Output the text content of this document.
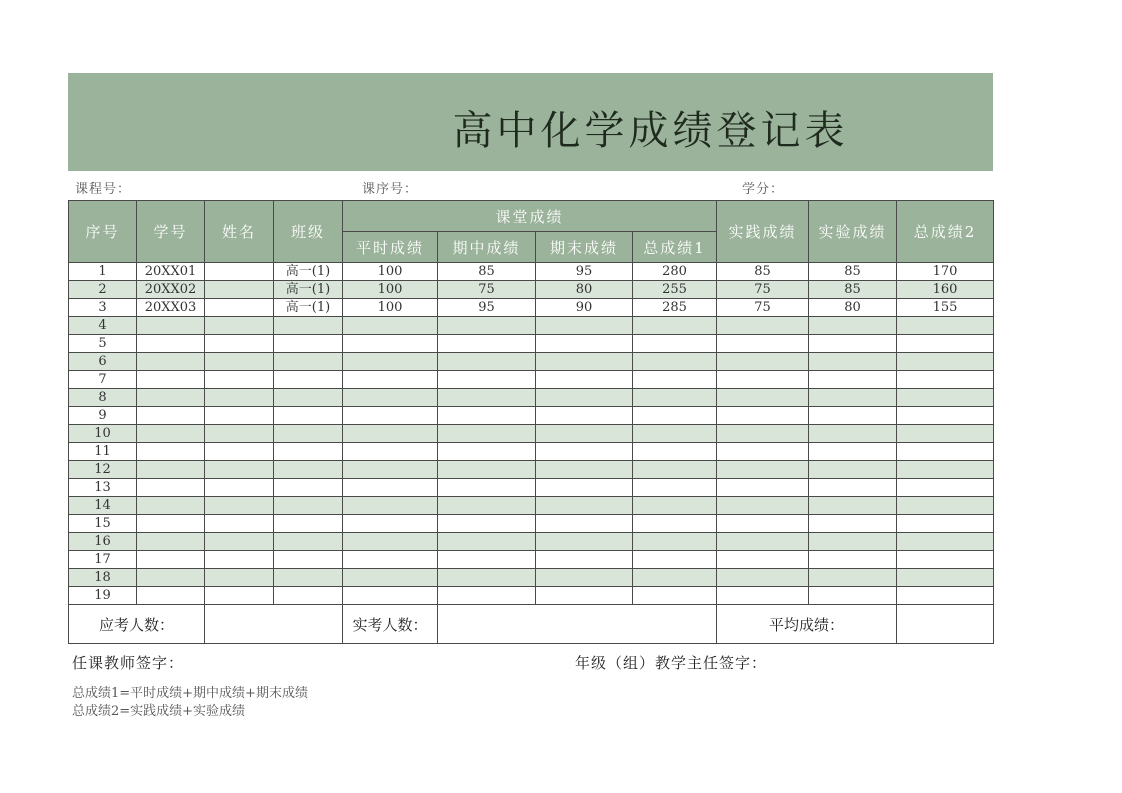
高中化学成绩登记表
课程号：	课序号：	学分：
序号	学号	姓名	班级	课堂成绩				实践成绩	实验成绩	总成绩2
				平时成绩	期中成绩	期末成绩	总成绩1			
1	20XX01		高一(1)	100	85	95	280	85	85	170
2	20XX02		高一(1)	100	75	80	255	75	85	160
3	20XX03		高一(1)	100	95	90	285	75	80	155
4										
5										
6										
7										
8										
9										
10										
11										
12										
13										
14										
15										
16										
17										
18										
19										
应考人数：				实考人数：				平均成绩：		
任课教师签字：	年级（组）教学主任签字：
总成绩1=平时成绩+期中成绩+期末成绩
总成绩2=实践成绩+实验成绩
